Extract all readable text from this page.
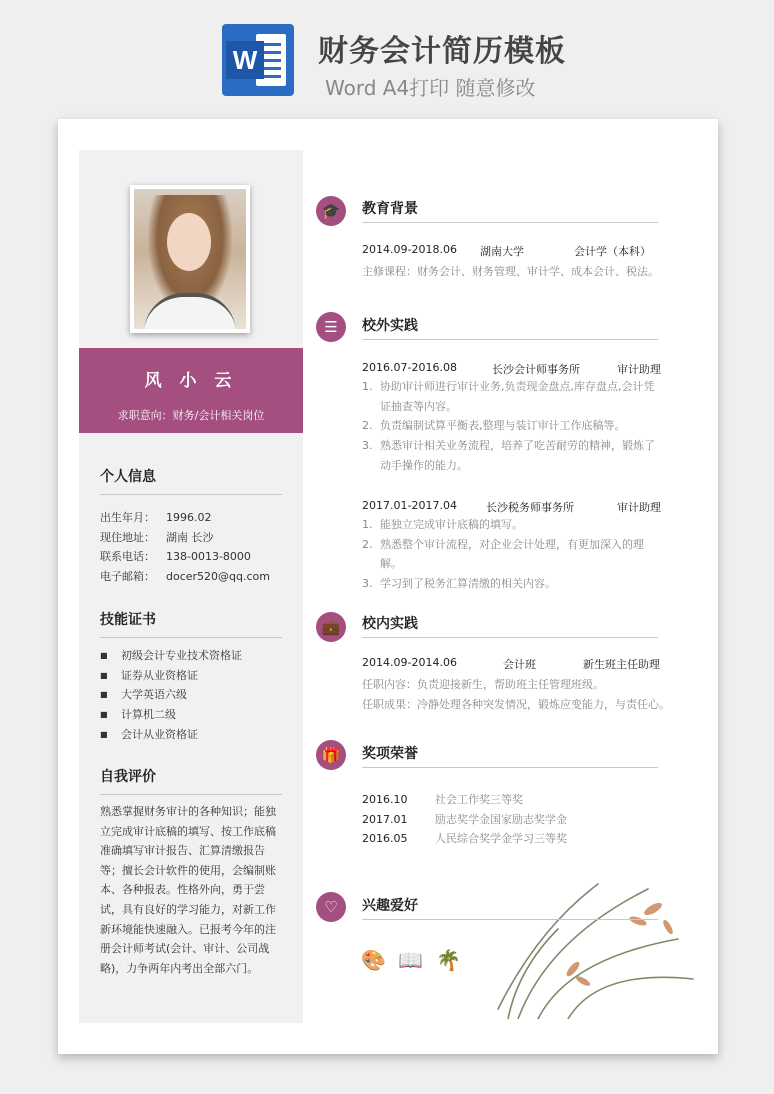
W 财务会计简历模板
Word A4打印 随意修改
风 小 云
求职意向：财务/会计相关岗位
个人信息
出生年月： 1996.02
现住地址： 湖南 长沙
联系电话： 138-0013-8000
电子邮箱： docer520@qq.com
技能证书
■ 初级会计专业技术资格证
■ 证券从业资格证
■ 大学英语六级
■ 计算机二级
■ 会计从业资格证
自我评价
熟悉掌握财务审计的各种知识；能独立完成审计底稿的填写、按工作底稿准确填写审计报告、汇算清缴报告等；擅长会计软件的使用，会编制账本、各种报表。性格外向，勇于尝试，具有良好的学习能力，对新工作新环境能快速融入。已报考今年的注册会计师考试(会计、审计、公司战略)，力争两年内考出全部六门。
🎓	教育背景
2014.09-2018.06 湖南大学	会计学（本科）
主修课程：财务会计、财务管理、审计学、成本会计、税法。
☰	校外实践
2016.07-2016.08	长沙会计师事务所	审计助理
1. 协助审计师进行审计业务,负责现金盘点,库存盘点,会计凭证抽查等内容。
2. 负责编制试算平衡表,整理与装订审计工作底稿等。
3. 熟悉审计相关业务流程，培养了吃苦耐劳的精神，锻炼了动手操作的能力。
2017.01-2017.04	长沙税务师事务所	审计助理
1. 能独立完成审计底稿的填写。
2. 熟悉整个审计流程，对企业会计处理，有更加深入的理解。
3. 学习到了税务汇算清缴的相关内容。
💼	校内实践
2014.09-2014.06	会计班	新生班主任助理
任职内容：负责迎接新生，帮助班主任管理班级。
任职成果：冷静处理各种突发情况，锻炼应变能力，与责任心。
🎁	奖项荣誉
2016.10	社会工作奖三等奖
2017.01	励志奖学金国家励志奖学金
2016.05	人民综合奖学金学习三等奖
♡	兴趣爱好
🎨 📖 🌴
